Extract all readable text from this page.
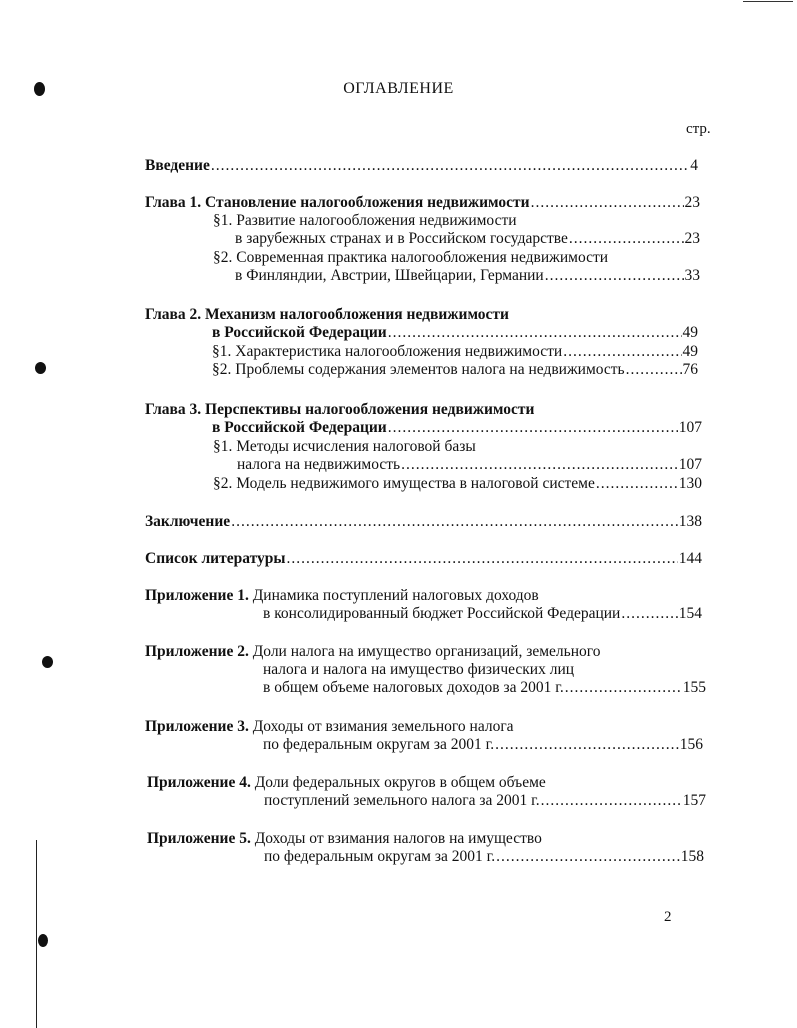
ОГЛАВЛЕНИЕ
стр.
Введение .....	4
Глава 1. Становление налогообложения недвижимости .....	23
§1. Развитие налогообложения недвижимости
в зарубежных странах и в Российском государстве .....	23
§2. Современная практика налогообложения недвижимости
в Финляндии, Австрии, Швейцарии, Германии .....	33
Глава 2. Механизм налогообложения недвижимости
в Российской Федерации .....	49
§1. Характеристика налогообложения недвижимости .....	49
§2. Проблемы содержания элементов налога на недвижимость .....	76
Глава 3. Перспективы налогообложения недвижимости
в Российской Федерации .....	107
§1. Методы исчисления налоговой базы
налога на недвижимость .....	107
§2. Модель недвижимого имущества в налоговой системе .....	130
Заключение .....	138
Список литературы .....	144
Приложение 1. Динамика поступлений налоговых доходов
в консолидированный бюджет Российской Федерации .....	154
Приложение 2. Доли налога на имущество организаций, земельного
налога и налога на имущество физических лиц
в общем объеме налоговых доходов за 2001 г. .....	155
Приложение 3. Доходы от взимания земельного налога
по федеральным округам за 2001 г. .....	156
Приложение 4. Доли федеральных округов в общем объеме
поступлений земельного налога за 2001 г. .....	157
Приложение 5. Доходы от взимания налогов на имущество
по федеральным округам за 2001 г. .....	158
2
